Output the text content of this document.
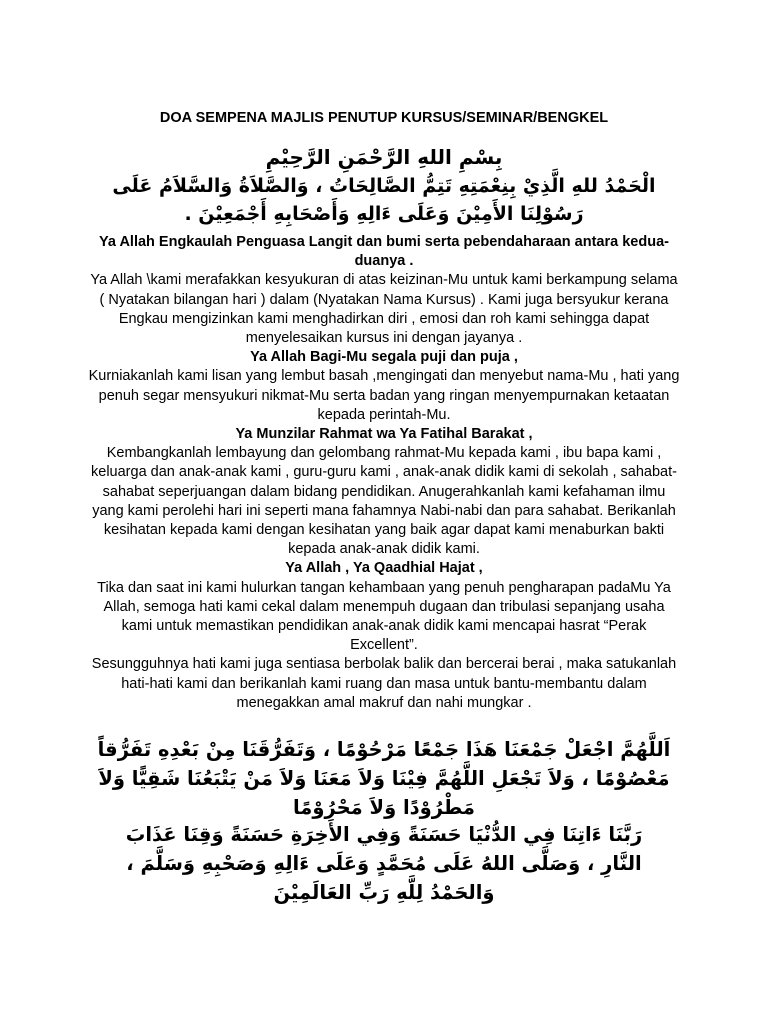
DOA SEMPENA MAJLIS PENUTUP KURSUS/SEMINAR/BENGKEL
بِسْمِ اللهِ الرَّحْمَنِ الرَّحِيْمِ
الْحَمْدُ للهِ الَّذِيْ بِنِعْمَتِهِ تَتِمُّ الصَّالِحَاتُ ، وَالصَّلاَةُ وَالسَّلاَمُ عَلَى رَسُوْلِنَا الأَمِيْنَ وَعَلَى ءَالِهِ وَأَصْحَابِهِ أَجْمَعِيْنَ .

Ya Allah Engkaulah Penguasa Langit dan bumi serta pebendaharaan antara kedua-duanya .

Ya Allah \kami merafakkan kesyukuran di atas keizinan-Mu untuk kami berkampung selama ( Nyatakan bilangan hari ) dalam (Nyatakan Nama Kursus) . Kami juga bersyukur kerana Engkau mengizinkan kami menghadirkan diri , emosi dan roh kami sehingga dapat menyelesaikan kursus ini dengan jayanya .

Ya Allah Bagi-Mu segala puji dan puja ,

Kurniakanlah kami lisan yang lembut basah ,mengingati dan menyebut nama-Mu , hati yang penuh segar mensyukuri nikmat-Mu serta badan yang ringan menyempurnakan ketaatan kepada perintah-Mu.

Ya Munzilar Rahmat wa Ya Fatihal Barakat ,

Kembangkanlah lembayung dan gelombang rahmat-Mu kepada kami , ibu bapa kami , keluarga dan anak-anak kami , guru-guru kami , anak-anak didik kami di sekolah , sahabat-sahabat seperjuangan dalam bidang pendidikan. Anugerahkanlah kami kefahaman ilmu yang kami perolehi hari ini seperti mana fahamnya Nabi-nabi dan para sahabat. Berikanlah kesihatan kepada kami dengan kesihatan yang baik agar dapat kami menaburkan bakti kepada anak-anak didik kami.

Ya Allah , Ya Qaadhial Hajat ,

Tika dan saat ini kami hulurkan tangan kehambaan yang penuh pengharapan padaMu Ya Allah, semoga hati kami cekal dalam menempuh dugaan dan tribulasi sepanjang usaha kami untuk memastikan pendidikan anak-anak didik kami mencapai hasrat “Perak Excellent”.

Sesungguhnya hati kami juga sentiasa berbolak balik dan bercerai berai , maka satukanlah hati-hati kami dan berikanlah kami ruang dan masa untuk bantu-membantu dalam menegakkan amal makruf dan nahi mungkar .

اَللَّهُمَّ اجْعَلْ جَمْعَنَا هَذَا جَمْعًا مَرْحُوْمًا ، وَتَفَرُّقَنَا مِنْ بَعْدِهِ تَفَرُّقاً مَعْصُوْمًا ، وَلاَ تَجْعَلِ اللَّهُمَّ فِيْنَا وَلاَ مَعَنَا وَلاَ مَنْ يَتْبَعُنَا شَقِيًّا وَلاَ مَطْرُوْدًا وَلاَ مَحْرُوْمًا
رَبَّنَا ءَاتِنَا فِي الدُّنْيَا حَسَنَةً وَفِي الأَخِرَةِ حَسَنَةً وَقِنَا عَذَابَ النَّارِ ، وَصَلَّى اللهُ عَلَى مُحَمَّدٍ وَعَلَى ءَالِهِ وَصَحْبِهِ وَسَلَّمَ ، وَالحَمْدُ لِلَّهِ رَبِّ العَالَمِيْنَ
